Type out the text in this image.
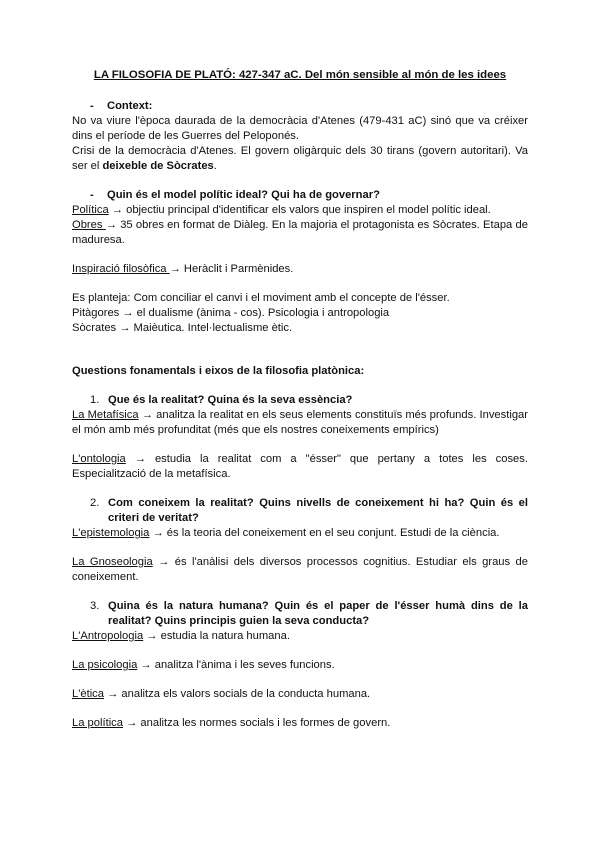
LA FILOSOFIA DE PLATÓ: 427-347 aC. Del món sensible al món de les idees
-	Context:
No va viure l'època daurada de la democràcia d'Atenes (479-431 aC) sinó que va créixer dins el període de les Guerres del Peloponés.
Crisi de la democràcia d'Atenes. El govern oligàrquic dels 30 tirans (govern autoritari). Va ser el deixeble de Sòcrates.
-	Quin és el model polític ideal? Qui ha de governar?
Política → objectiu principal d'identificar els valors que inspiren el model polític ideal.
Obres → 35 obres en format de Diàleg. En la majoria el protagonista es Sòcrates. Etapa de maduresa.
Inspiració filosòfica → Heràclit i Parmènides.
Es planteja: Com conciliar el canvi i el moviment amb el concepte de l'ésser.
Pitàgores → el dualisme (ànima - cos). Psicologia i antropologia
Sòcrates → Maièutica. Intel·lectualisme ètic.
Questions fonamentals i eixos de la filosofia platònica:
1. Que és la realitat? Quina és la seva essència?
La Metafísica → analitza la realitat en els seus elements constituïs més profunds. Investigar el món amb més profunditat (més que els nostres coneixements empírics)
L'ontologia → estudia la realitat com a "ésser" que pertany a totes les coses. Especialització de la metafísica.
2. Com coneixem la realitat? Quins nivells de coneixement hi ha? Quin és el criteri de veritat?
L'epistemologia → és la teoria del coneixement en el seu conjunt. Estudi de la ciència.
La Gnoseologia → és l'anàlisi dels diversos processos cognitius. Estudiar els graus de coneixement.
3. Quina és la natura humana? Quin és el paper de l'ésser humà dins de la realitat? Quins principis guien la seva conducta?
L'Antropologia → estudia la natura humana.
La psicologia → analitza l'ànima i les seves funcions.
L'ètica → analitza els valors socials de la conducta humana.
La política → analitza les normes socials i les formes de govern.
